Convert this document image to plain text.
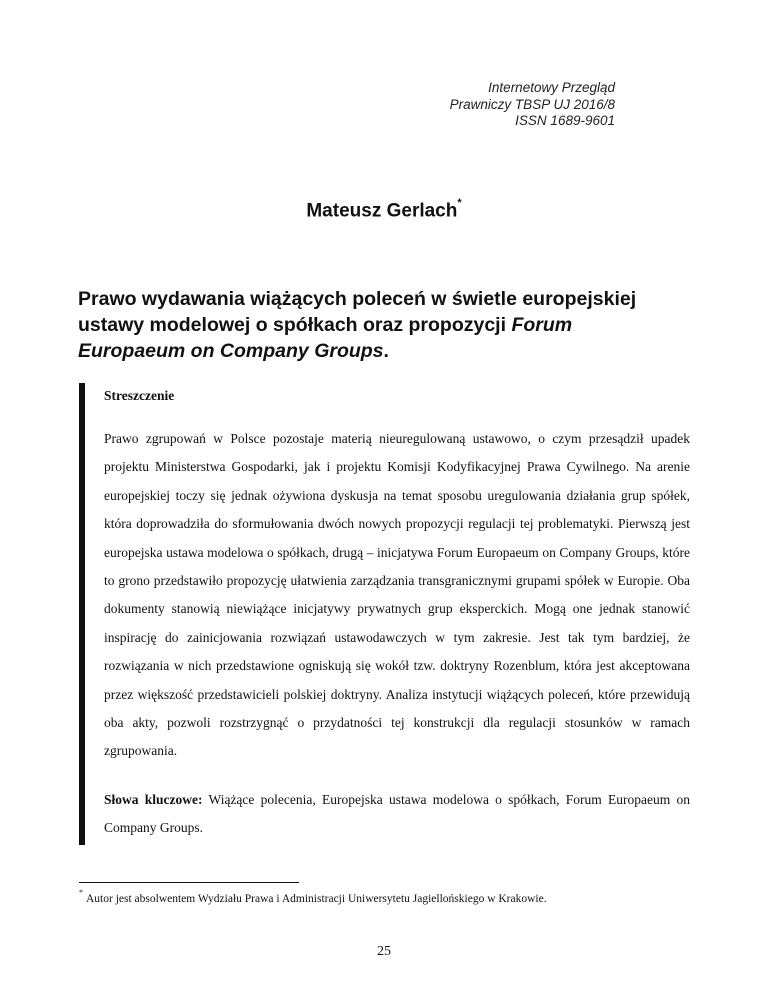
Internetowy Przegląd
Prawniczy TBSP UJ 2016/8
ISSN 1689-9601
Mateusz Gerlach*
Prawo wydawania wiążących poleceń w świetle europejskiej
ustawy modelowej o spółkach oraz propozycji Forum
Europaeum on Company Groups.
Streszczenie

Prawo zgrupowań w Polsce pozostaje materią nieuregulowaną ustawowo, o czym przesądził upadek projektu Ministerstwa Gospodarki, jak i projektu Komisji Kodyfikacyjnej Prawa Cywilnego. Na arenie europejskiej toczy się jednak ożywiona dyskusja na temat sposobu uregulowania działania grup spółek, która doprowadziła do sformułowania dwóch nowych propozycji regulacji tej problematyki. Pierwszą jest europejska ustawa modelowa o spółkach, drugą – inicjatywa Forum Europaeum on Company Groups, które to grono przedstawiło propozycję ułatwienia zarządzania transgranicznymi grupami spółek w Europie. Oba dokumenty stanowią niewiążące inicjatywy prywatnych grup eksperckich. Mogą one jednak stanowić inspirację do zainicjowania rozwiązań ustawodawczych w tym zakresie. Jest tak tym bardziej, że rozwiązania w nich przedstawione ogniskują się wokół tzw. doktryny Rozenblum, która jest akceptowana przez większość przedstawicieli polskiej doktryny. Analiza instytucji wiążących poleceń, które przewidują oba akty, pozwoli rozstrzygnąć o przydatności tej konstrukcji dla regulacji stosunków w ramach zgrupowania.

Słowa kluczowe: Wiążące polecenia, Europejska ustawa modelowa o spółkach, Forum Europaeum on Company Groups.
*Autor jest absolwentem Wydziału Prawa i Administracji Uniwersytetu Jagiellońskiego w Krakowie.
25
